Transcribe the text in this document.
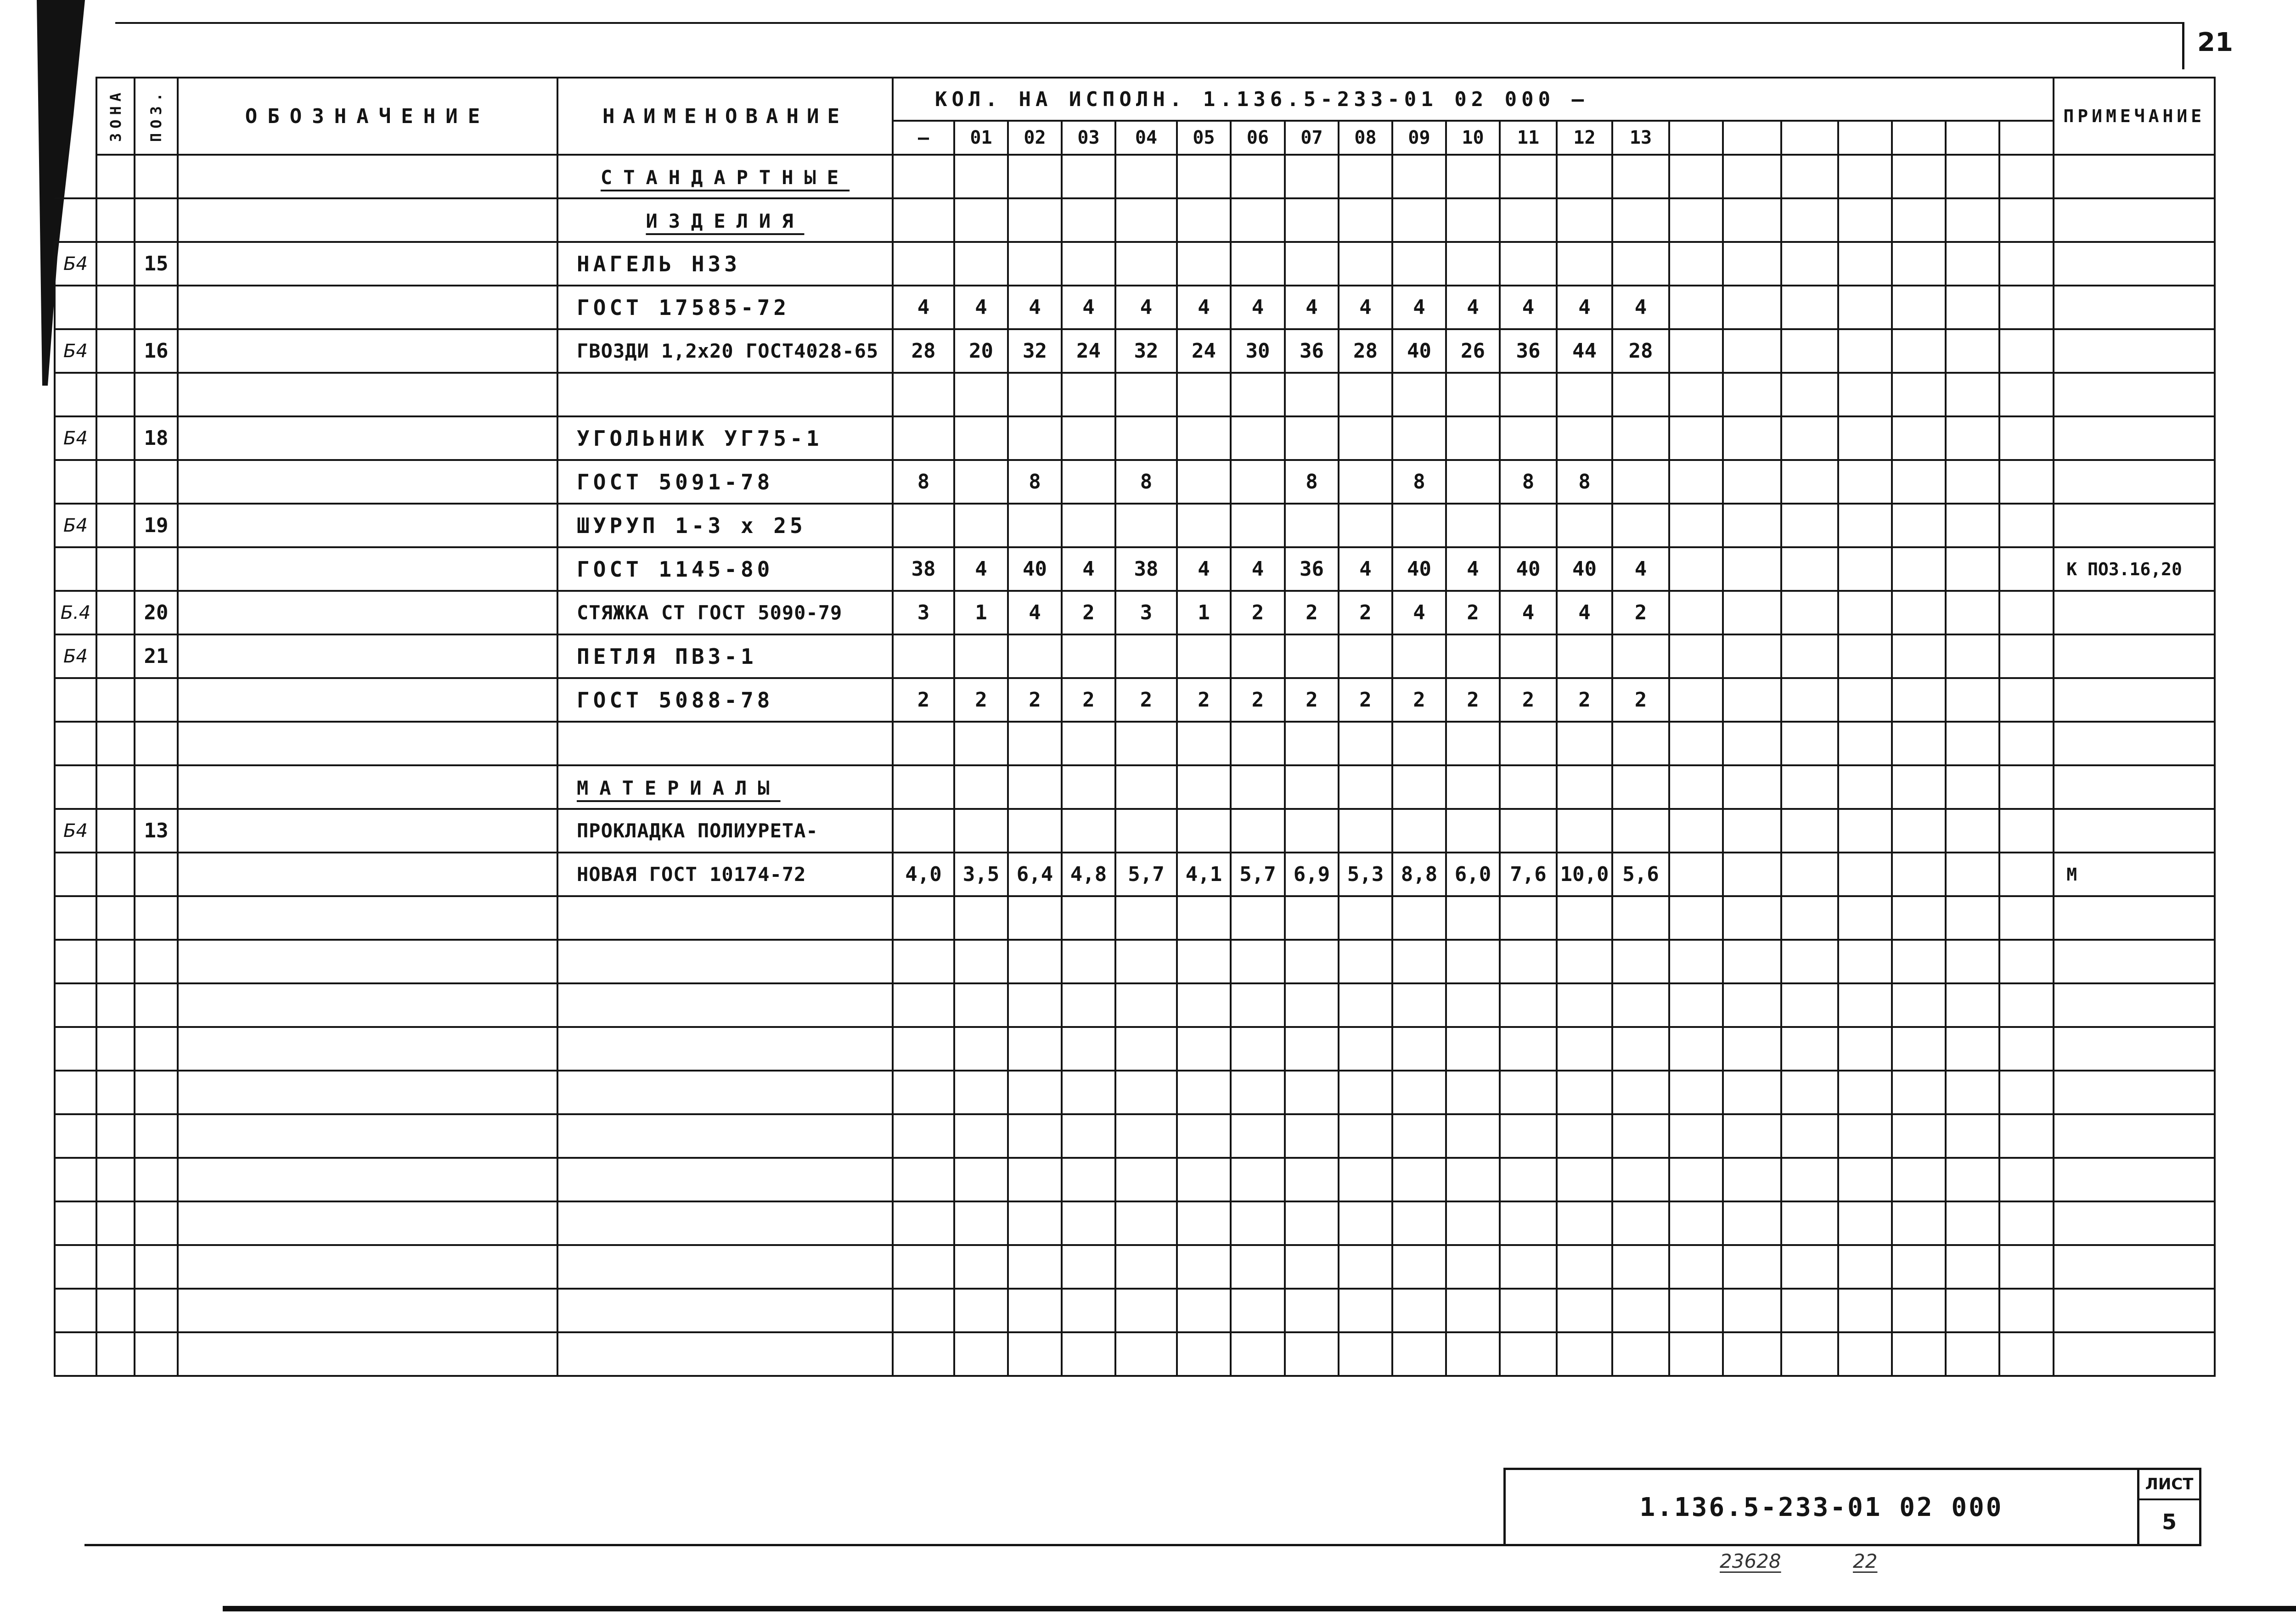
21
	ЗОНА	ПОЗ.	ОБОЗНАЧЕНИЕ	НАИМЕНОВАНИЕ	КОЛ. НА ИСПОЛН. 1.136.5-233-01 02 000 —																					ПРИМЕЧАНИЕ
					—	01	02	03	04	05	06	07	08	09	10	11	12	13								
				СТАНДАРТНЫЕ																						
				ИЗДЕЛИЯ																						
Б4		15		НАГЕЛЬ Н33																						
				ГОСТ 17585-72	4	4	4	4	4	4	4	4	4	4	4	4	4	4								
Б4		16		ГВОЗДИ 1,2х20 ГОСТ4028-65	28	20	32	24	32	24	30	36	28	40	26	36	44	28								

Б4		18		УГОЛЬНИК УГ75-1																						
				ГОСТ 5091-78	8		8		8			8		8		8	8									
Б4		19		ШУРУП 1-3 х 25																						
				ГОСТ 1145-80	38	4	40	4	38	4	4	36	4	40	4	40	40	4								К ПОЗ.16,20
Б.4		20		СТЯЖКА СТ ГОСТ 5090-79	3	1	4	2	3	1	2	2	2	4	2	4	4	2								
Б4		21		ПЕТЛЯ ПВ3-1																						
				ГОСТ 5088-78	2	2	2	2	2	2	2	2	2	2	2	2	2	2								

				МАТЕРИАЛЫ																						
Б4		13		ПРОКЛАДКА ПОЛИУРЕТА-																						
				НОВАЯ ГОСТ 10174-72	4,0	3,5	6,4	4,8	5,7	4,1	5,7	6,9	5,3	8,8	6,0	7,6	10,0	5,6								М

1.136.5-233-01 02 000
ЛИСТ
5
23628	22
